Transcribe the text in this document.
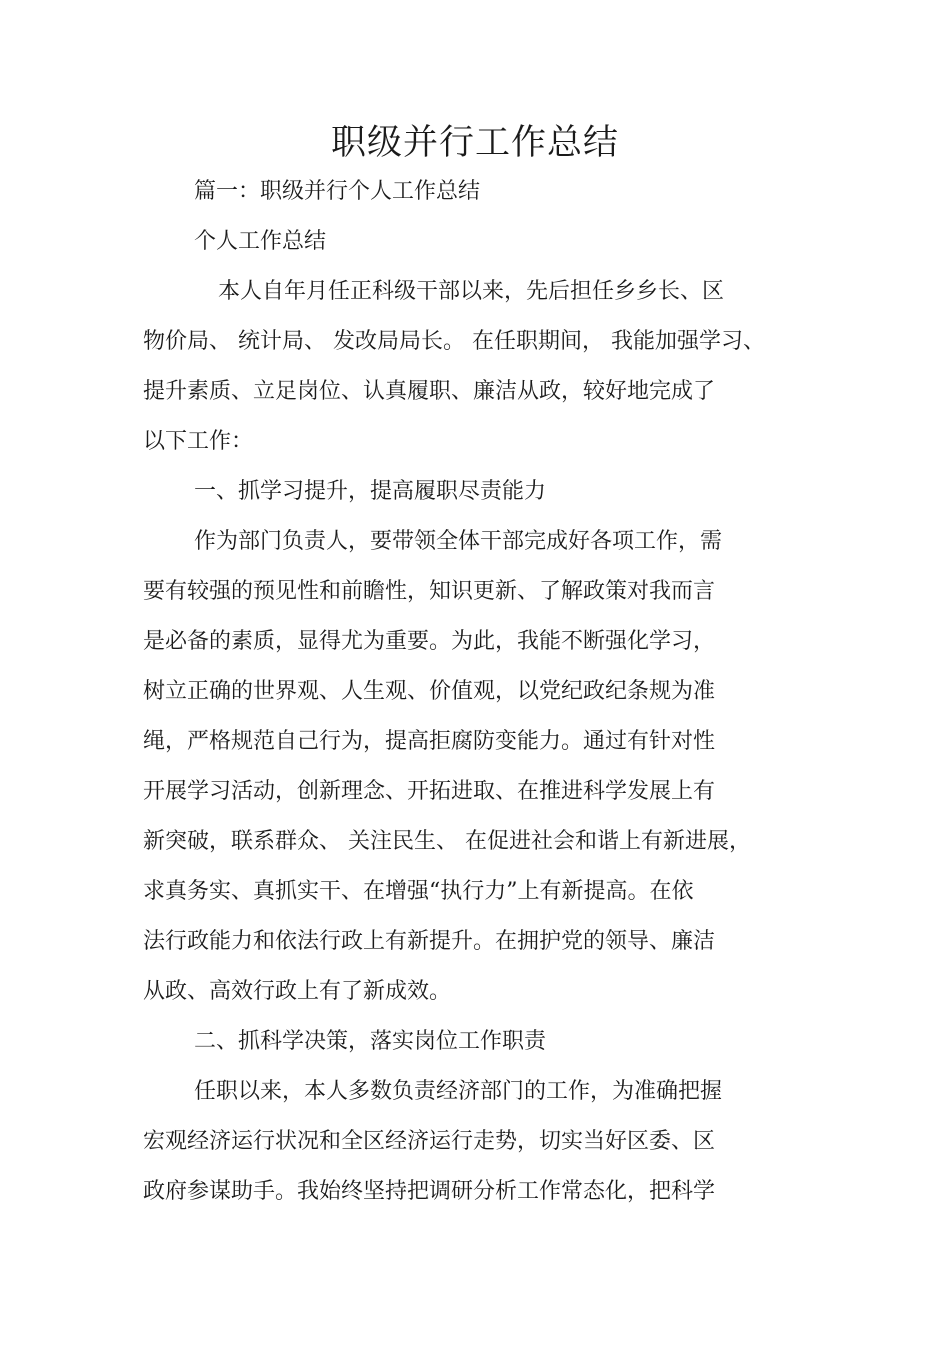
职级并行工作总结
篇一：职级并行个人工作总结
个人工作总结
本人自年月任正科级干部以来，先后担任乡乡长、区
物价局、 统计局、 发改局局长。 在任职期间， 我能加强学习、
提升素质、立足岗位、认真履职、廉洁从政，较好地完成了
以下工作：
一、抓学习提升，提高履职尽责能力
作为部门负责人，要带领全体干部完成好各项工作，需
要有较强的预见性和前瞻性，知识更新、了解政策对我而言
是必备的素质，显得尤为重要。为此，我能不断强化学习，
树立正确的世界观、人生观、价值观，以党纪政纪条规为准
绳，严格规范自己行为，提高拒腐防变能力。通过有针对性
开展学习活动，创新理念、开拓进取、在推进科学发展上有
新突破，联系群众、 关注民生、 在促进社会和谐上有新进展，
求真务实、真抓实干、在增强“执行力”上有新提高。在依
法行政能力和依法行政上有新提升。在拥护党的领导、廉洁
从政、高效行政上有了新成效。
二、抓科学决策，落实岗位工作职责
任职以来，本人多数负责经济部门的工作，为准确把握
宏观经济运行状况和全区经济运行走势，切实当好区委、区
政府参谋助手。我始终坚持把调研分析工作常态化，把科学
